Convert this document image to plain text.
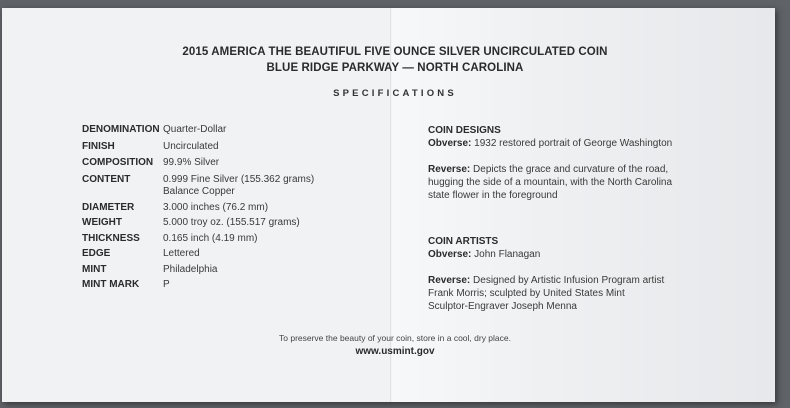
2015 AMERICA THE BEAUTIFUL FIVE OUNCE SILVER UNCIRCULATED COIN
BLUE RIDGE PARKWAY — NORTH CAROLINA
SPECIFICATIONS
DENOMINATION Quarter-Dollar
FINISH	Uncirculated
COMPOSITION 99.9% Silver
CONTENT	0.999 Fine Silver (155.362 grams)
Balance Copper
DIAMETER	3.000 inches (76.2 mm)
WEIGHT	5.000 troy oz. (155.517 grams)
THICKNESS	0.165 inch (4.19 mm)
EDGE	Lettered
MINT	Philadelphia
MINT MARK	P
COIN DESIGNS
Obverse: 1932 restored portrait of George Washington
Reverse: Depicts the grace and curvature of the road,
hugging the side of a mountain, with the North Carolina
state flower in the foreground
COIN ARTISTS
Obverse: John Flanagan
Reverse: Designed by Artistic Infusion Program artist
Frank Morris; sculpted by United States Mint
Sculptor-Engraver Joseph Menna
To preserve the beauty of your coin, store in a cool, dry place.
www.usmint.gov
